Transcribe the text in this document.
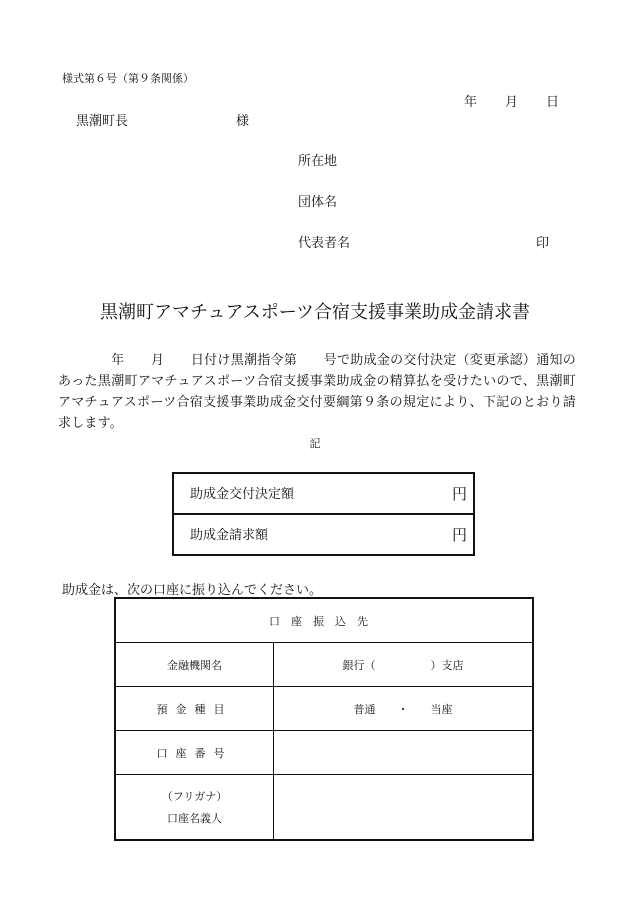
様式第６号（第９条関係）
年 月 日
黒潮町長	様
所在地
団体名
代表者名	印
黒潮町アマチュアスポーツ合宿支援事業助成金請求書
　　　　年　　月　　日付け黒潮指令第　　号で助成金の交付決定（変更承認）通知のあった黒潮町アマチュアスポーツ合宿支援事業助成金の精算払を受けたいので、黒潮町アマチュアスポーツ合宿支援事業助成金交付要綱第９条の規定により、下記のとおり請求します。
記
助成金交付決定額	円

助成金請求額	円
助成金は、次の口座に振り込んでください。
口座振込先	
金融機関名	銀行（　　　　　）支店
預金種目	普通　　・　　当座
口座番号	

（フリガナ）
口座名義人	
